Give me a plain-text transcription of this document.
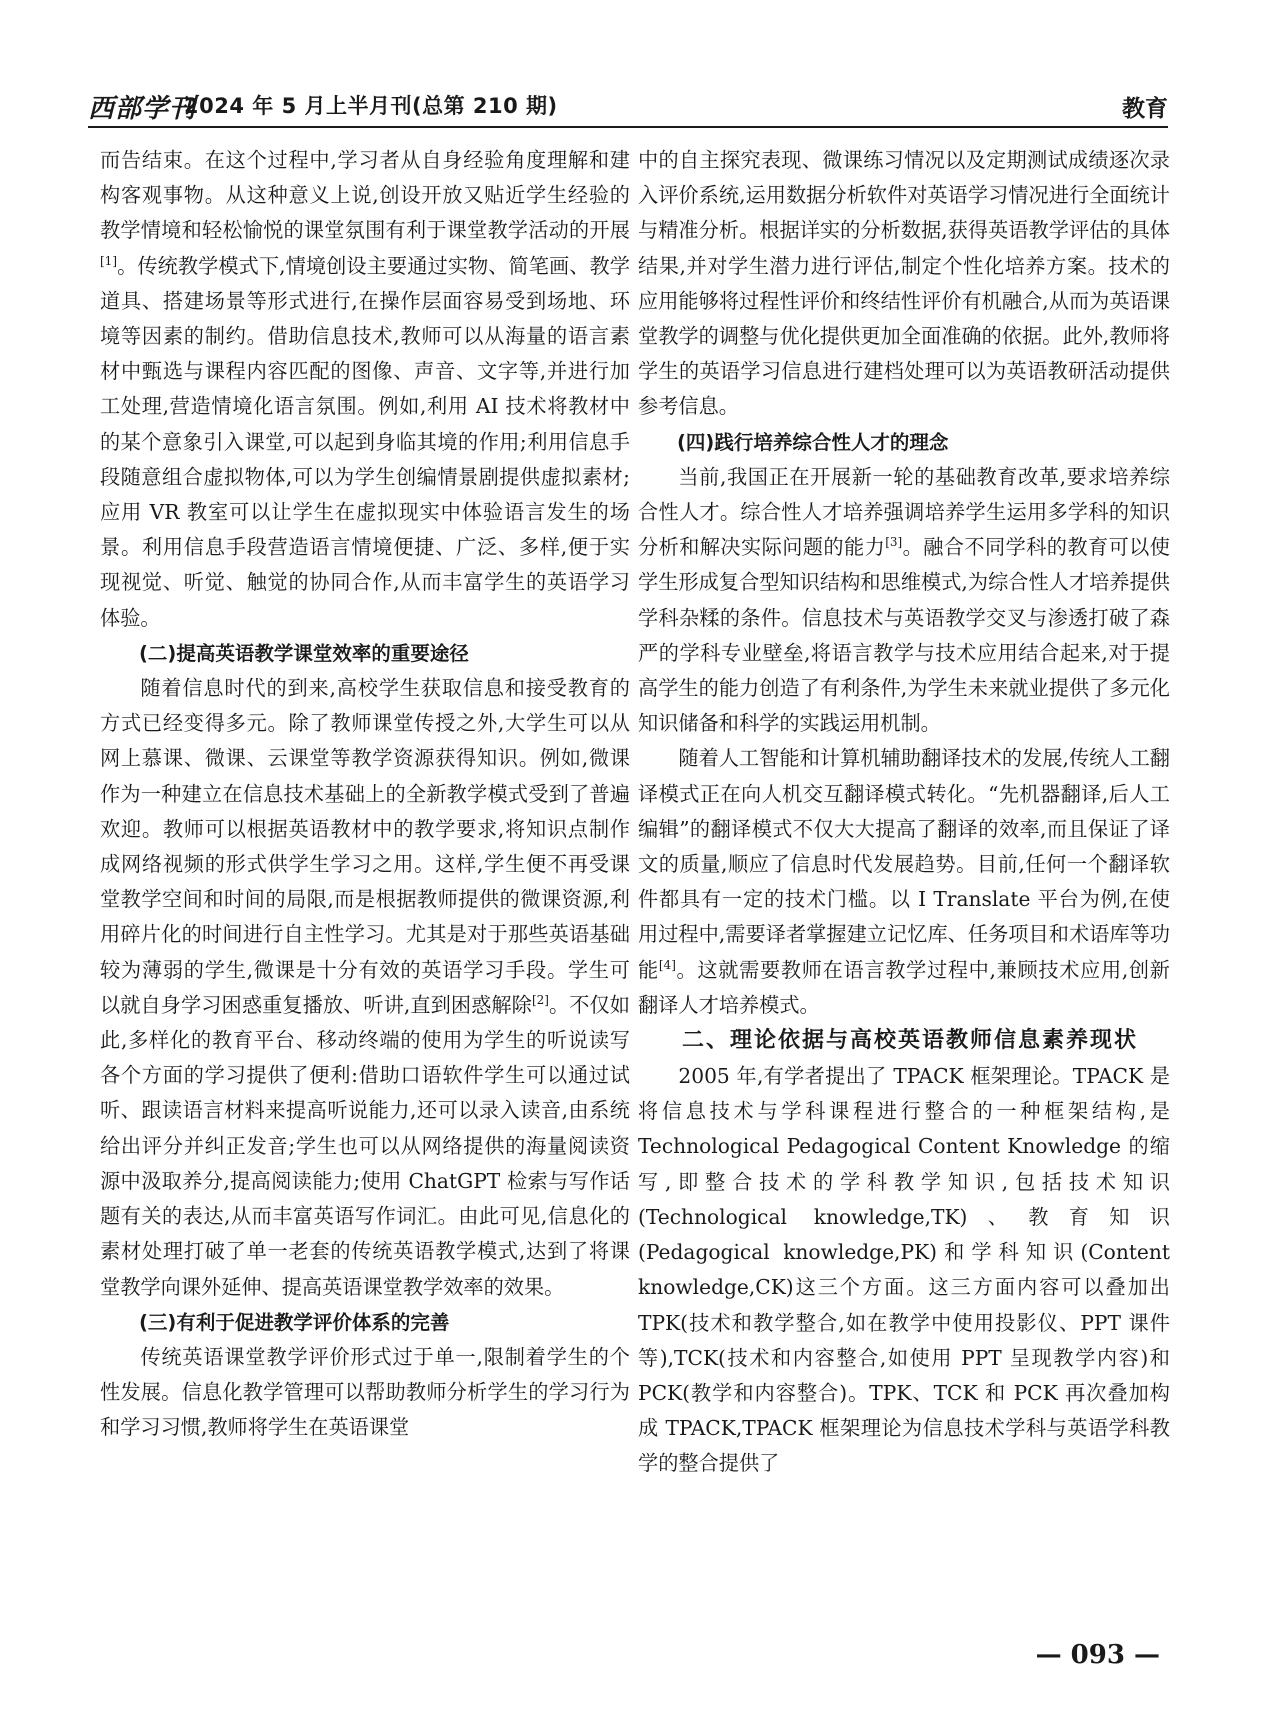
西部学刊
2024 年 5 月上半月刊(总第 210 期)	教育

而告结束。在这个过程中,学习者从自身经验角度理解和建构客观事物。从这种意义上说,创设开放又贴近学生经验的教学情境和轻松愉悦的课堂氛围有利于课堂教学活动的开展[1]。传统教学模式下,情境创设主要通过实物、简笔画、教学道具、搭建场景等形式进行,在操作层面容易受到场地、环境等因素的制约。借助信息技术,教师可以从海量的语言素材中甄选与课程内容匹配的图像、声音、文字等,并进行加工处理,营造情境化语言氛围。例如,利用 AI 技术将教材中的某个意象引入课堂,可以起到身临其境的作用;利用信息手段随意组合虚拟物体,可以为学生创编情景剧提供虚拟素材;应用 VR 教室可以让学生在虚拟现实中体验语言发生的场景。利用信息手段营造语言情境便捷、广泛、多样,便于实现视觉、听觉、触觉的协同合作,从而丰富学生的英语学习体验。

(二)提高英语教学课堂效率的重要途径

随着信息时代的到来,高校学生获取信息和接受教育的方式已经变得多元。除了教师课堂传授之外,大学生可以从网上慕课、微课、云课堂等教学资源获得知识。例如,微课作为一种建立在信息技术基础上的全新教学模式受到了普遍欢迎。教师可以根据英语教材中的教学要求,将知识点制作成网络视频的形式供学生学习之用。这样,学生便不再受课堂教学空间和时间的局限,而是根据教师提供的微课资源,利用碎片化的时间进行自主性学习。尤其是对于那些英语基础较为薄弱的学生,微课是十分有效的英语学习手段。学生可以就自身学习困惑重复播放、听讲,直到困惑解除[2]。不仅如此,多样化的教育平台、移动终端的使用为学生的听说读写各个方面的学习提供了便利:借助口语软件学生可以通过试听、跟读语言材料来提高听说能力,还可以录入读音,由系统给出评分并纠正发音;学生也可以从网络提供的海量阅读资源中汲取养分,提高阅读能力;使用 ChatGPT 检索与写作话题有关的表达,从而丰富英语写作词汇。由此可见,信息化的素材处理打破了单一老套的传统英语教学模式,达到了将课堂教学向课外延伸、提高英语课堂教学效率的效果。

(三)有利于促进教学评价体系的完善

传统英语课堂教学评价形式过于单一,限制着学生的个性发展。信息化教学管理可以帮助教师分析学生的学习行为和学习习惯,教师将学生在英语课堂

中的自主探究表现、微课练习情况以及定期测试成绩逐次录入评价系统,运用数据分析软件对英语学习情况进行全面统计与精准分析。根据详实的分析数据,获得英语教学评估的具体结果,并对学生潜力进行评估,制定个性化培养方案。技术的应用能够将过程性评价和终结性评价有机融合,从而为英语课堂教学的调整与优化提供更加全面准确的依据。此外,教师将学生的英语学习信息进行建档处理可以为英语教研活动提供参考信息。

(四)践行培养综合性人才的理念

当前,我国正在开展新一轮的基础教育改革,要求培养综合性人才。综合性人才培养强调培养学生运用多学科的知识分析和解决实际问题的能力[3]。融合不同学科的教育可以使学生形成复合型知识结构和思维模式,为综合性人才培养提供学科杂糅的条件。信息技术与英语教学交叉与渗透打破了森严的学科专业壁垒,将语言教学与技术应用结合起来,对于提高学生的能力创造了有利条件,为学生未来就业提供了多元化知识储备和科学的实践运用机制。

随着人工智能和计算机辅助翻译技术的发展,传统人工翻译模式正在向人机交互翻译模式转化。“先机器翻译,后人工编辑”的翻译模式不仅大大提高了翻译的效率,而且保证了译文的质量,顺应了信息时代发展趋势。目前,任何一个翻译软件都具有一定的技术门槛。以 I Translate 平台为例,在使用过程中,需要译者掌握建立记忆库、任务项目和术语库等功能[4]。这就需要教师在语言教学过程中,兼顾技术应用,创新翻译人才培养模式。

二、理论依据与高校英语教师信息素养现状

2005 年,有学者提出了 TPACK 框架理论。TPACK 是将信息技术与学科课程进行整合的一种框架结构,是 Technological Pedagogical Content Knowledge 的缩写,即整合技术的学科教学知识,包括技术知识(Technological knowledge,TK)、教育知识(Pedagogical knowledge,PK)和学科知识(Content knowledge,CK)这三个方面。这三方面内容可以叠加出 TPK(技术和教学整合,如在教学中使用投影仪、PPT 课件等),TCK(技术和内容整合,如使用 PPT 呈现教学内容)和 PCK(教学和内容整合)。TPK、TCK 和 PCK 再次叠加构成 TPACK,TPACK 框架理论为信息技术学科与英语学科教学的整合提供了

— 093 —
